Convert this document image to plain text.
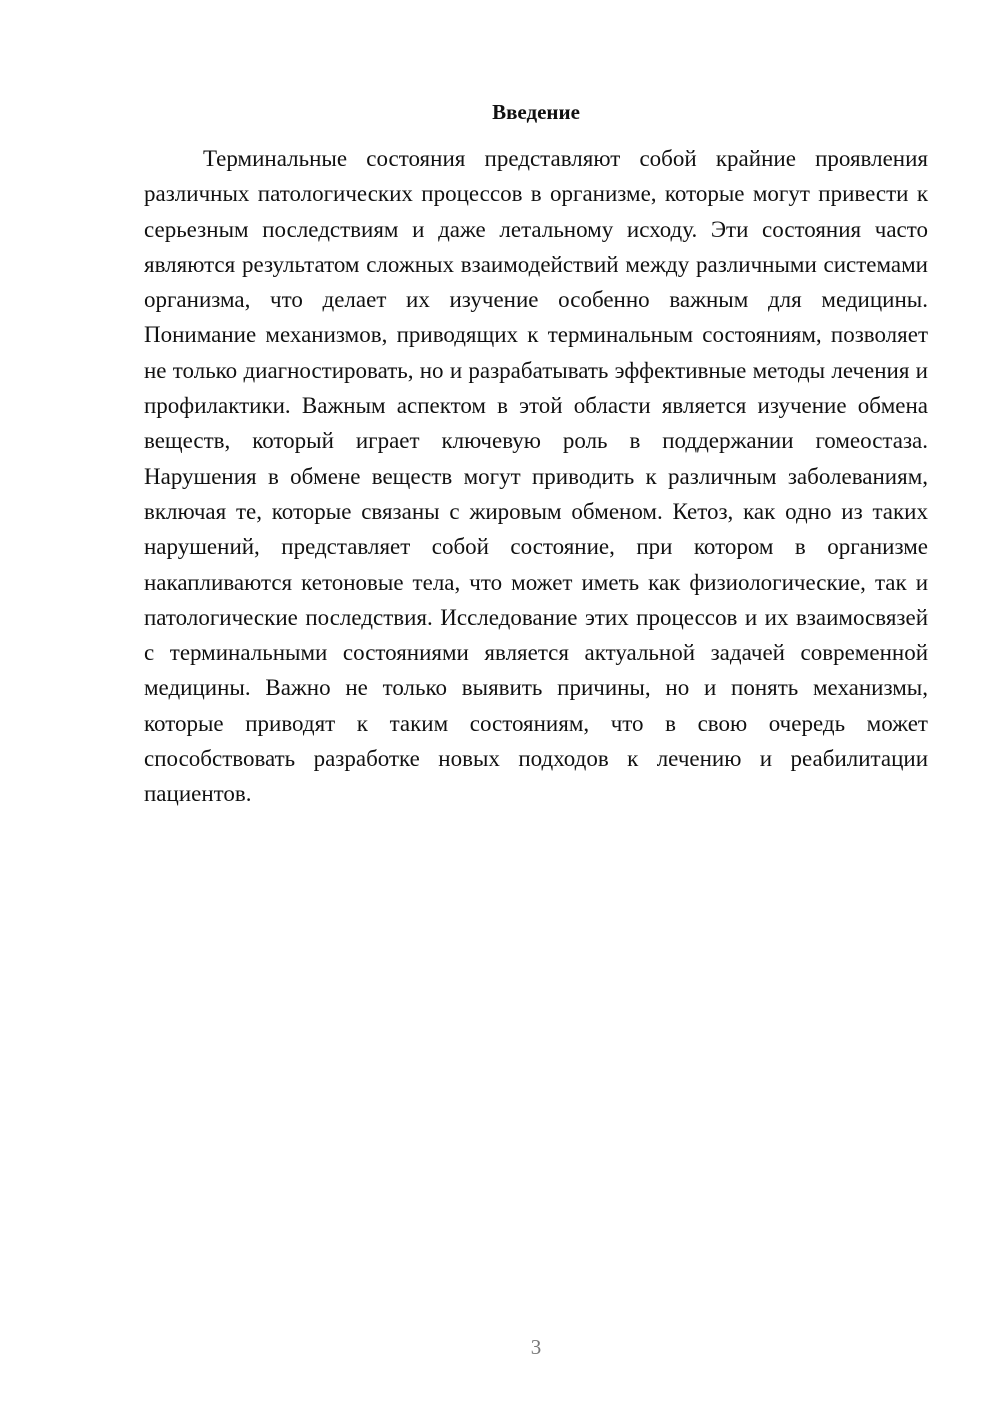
Введение

Терминальные состояния представляют собой крайние проявления различных патологических процессов в организме, которые могут привести к серьезным последствиям и даже летальному исходу. Эти состояния часто являются результатом сложных взаимодействий между различными системами организма, что делает их изучение особенно важным для медицины. Понимание механизмов, приводящих к терминальным состояниям, позволяет не только диагностировать, но и разрабатывать эффективные методы лечения и профилактики. Важным аспектом в этой области является изучение обмена веществ, который играет ключевую роль в поддержании гомеостаза. Нарушения в обмене веществ могут приводить к различным заболеваниям, включая те, которые связаны с жировым обменом. Кетоз, как одно из таких нарушений, представляет собой состояние, при котором в организме накапливаются кетоновые тела, что может иметь как физиологические, так и патологические последствия. Исследование этих процессов и их взаимосвязей с терминальными состояниями является актуальной задачей современной медицины. Важно не только выявить причины, но и понять механизмы, которые приводят к таким состояниям, что в свою очередь может способствовать разработке новых подходов к лечению и реабилитации пациентов.

3
